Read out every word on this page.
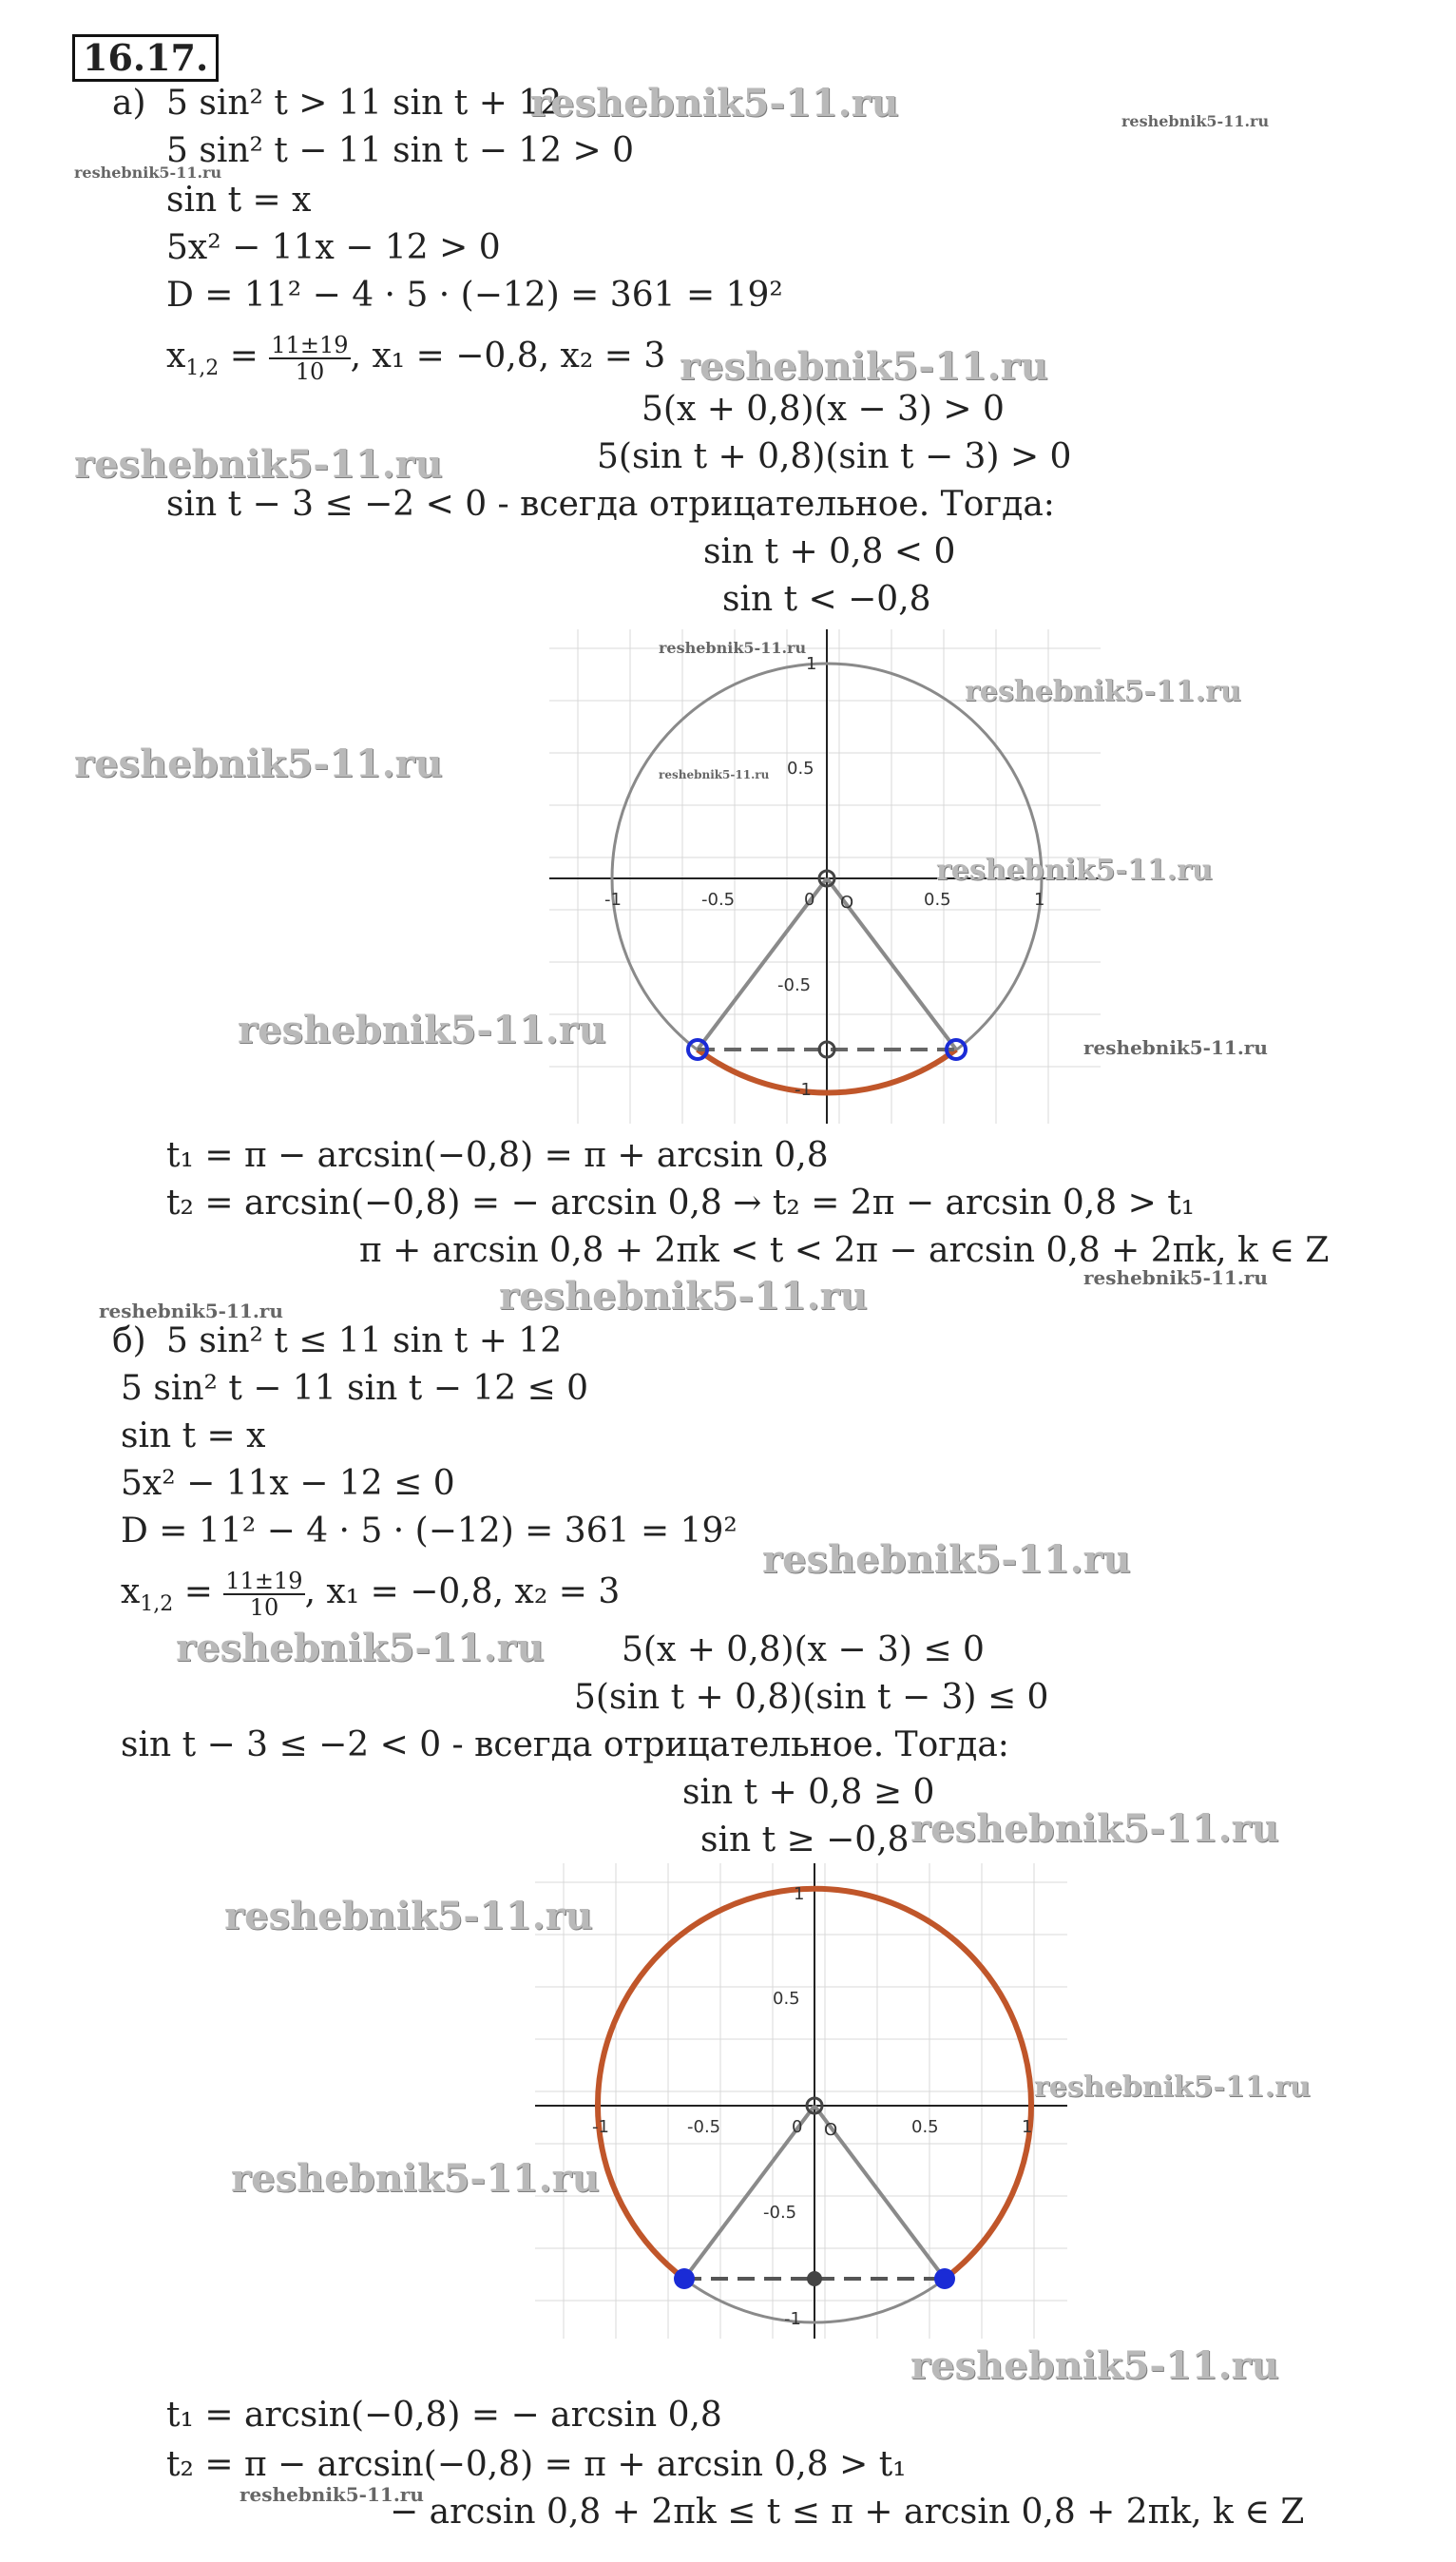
16.17.
а) 5 sin² t > 11 sin t + 12
5 sin² t − 11 sin t − 12 > 0
sin t = x
5x² − 11x − 12 > 0
D = 11² − 4 · 5 · (−12) = 361 = 19²
$x_{1,2} = \frac{11\pm 19}{10}$ , x₁ = −0,8, x₂ = 3
5(x + 0,8)(x − 3) > 0
5(sin t + 0,8)(sin t − 3) > 0
sin t − 3 ≤ −2 < 0 - всегда отрицательное. Тогда:
sin t + 0,8 < 0
sin t < −0,8
O
-1	-0.5	0	0.5	1
1
0.5
-0.5
-1
t₁ = π − arcsin(−0,8) = π + arcsin 0,8
t₂ = arcsin(−0,8) = − arcsin 0,8 → t₂ = 2π − arcsin 0,8 > t₁
π + arcsin 0,8 + 2πk < t < 2π − arcsin 0,8 + 2πk, k ∈ Z
б) 5 sin² t ≤ 11 sin t + 12
5 sin² t − 11 sin t − 12 ≤ 0
sin t = x
5x² − 11x − 12 ≤ 0
D = 11² − 4 · 5 · (−12) = 361 = 19²
$x_{1,2} = \frac{11\pm 19}{10}$ , x₁ = −0,8, x₂ = 3
5(x + 0,8)(x − 3) ≤ 0
5(sin t + 0,8)(sin t − 3) ≤ 0
sin t − 3 ≤ −2 < 0 - всегда отрицательное. Тогда:
sin t + 0,8 ≥ 0
sin t ≥ −0,8
O
-1	-0.5	0	0.5	1
1
0.5
-0.5
-1
t₁ = arcsin(−0,8) = − arcsin 0,8
t₂ = π − arcsin(−0,8) = π + arcsin 0,8 > t₁
− arcsin 0,8 + 2πk ≤ t ≤ π + arcsin 0,8 + 2πk, k ∈ Z
reshebnik5-11.ru	reshebnik5-11.ru
reshebnik5-11.ru
reshebnik5-11.ru
reshebnik5-11.ru
reshebnik5-11.ru
reshebnik5-11.ru
reshebnik5-11.ru	reshebnik5-11.ru
reshebnik5-11.ru
reshebnik5-11.ru	reshebnik5-11.ru
reshebnik5-11.ru	reshebnik5-11.ru
reshebnik5-11.ru
reshebnik5-11.ru
reshebnik5-11.ru
reshebnik5-11.ru
reshebnik5-11.ru
reshebnik5-11.ru
reshebnik5-11.ru
reshebnik5-11.ru
reshebnik5-11.ru
